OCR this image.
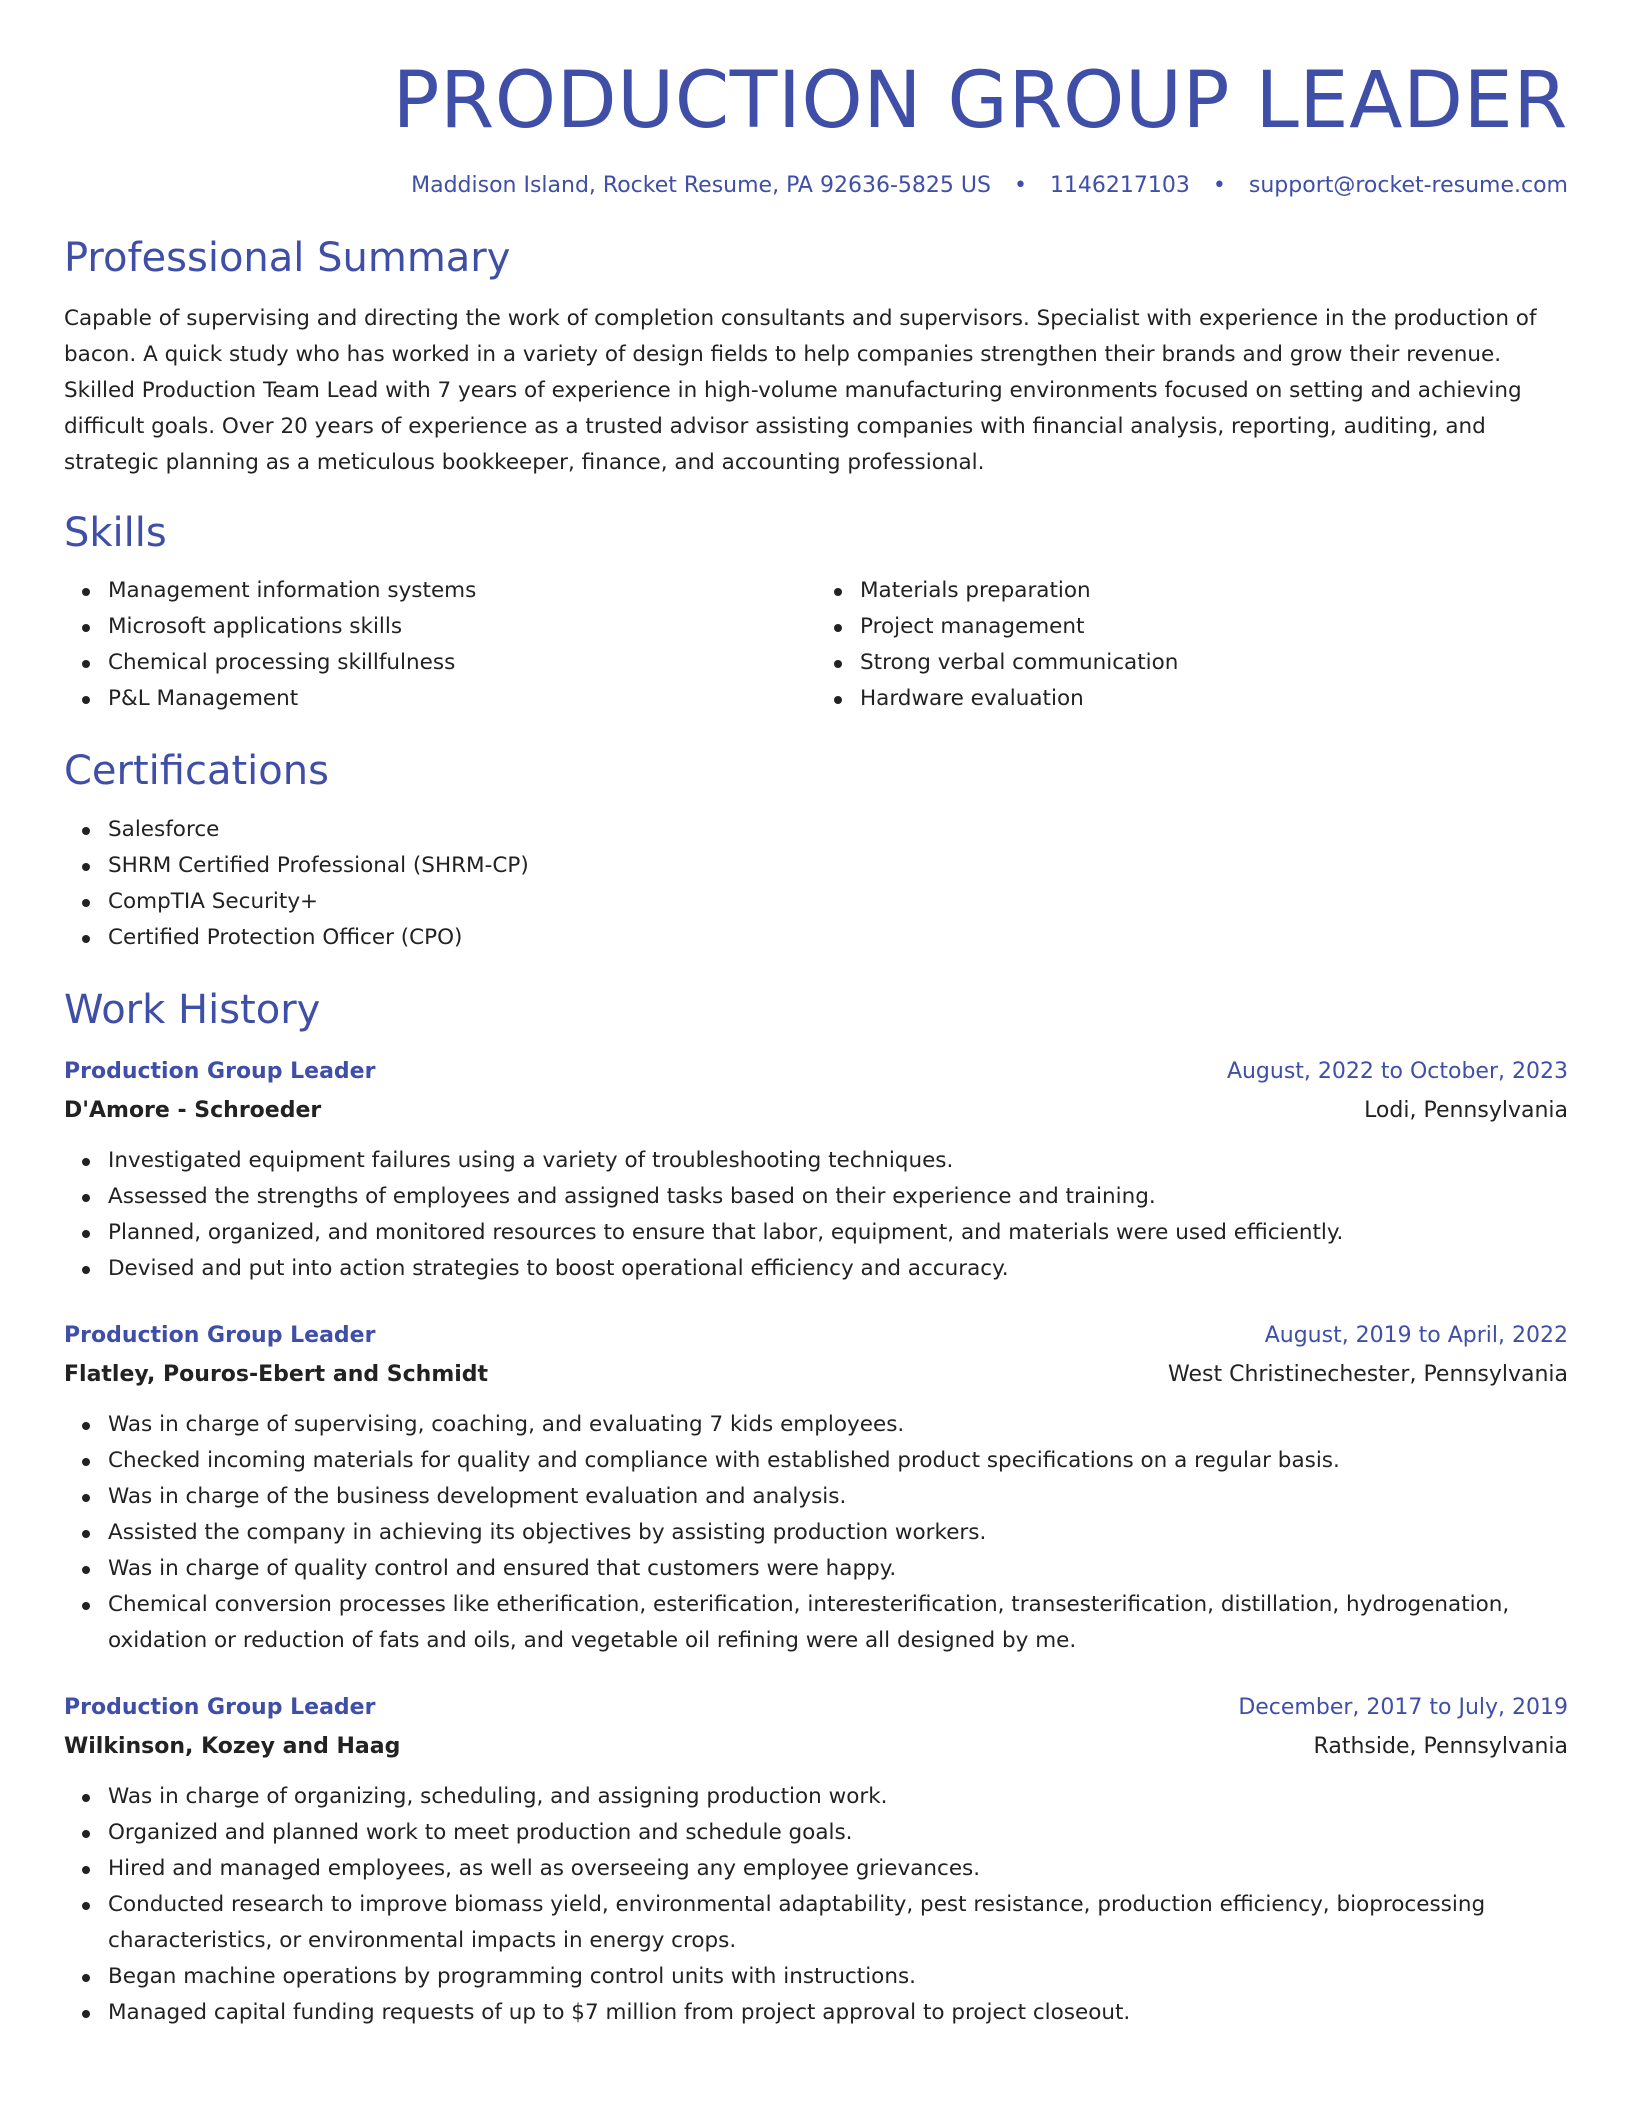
PRODUCTION GROUP LEADER
Maddison Island, Rocket Resume, PA 92636-5825 US • 1146217103 • support@rocket-resume.com
Professional Summary
Capable of supervising and directing the work of completion consultants and supervisors. Specialist with experience in the production of bacon. A quick study who has worked in a variety of design fields to help companies strengthen their brands and grow their revenue. Skilled Production Team Lead with 7 years of experience in high-volume manufacturing environments focused on setting and achieving difficult goals. Over 20 years of experience as a trusted advisor assisting companies with financial analysis, reporting, auditing, and strategic planning as a meticulous bookkeeper, finance, and accounting professional.
Skills
Management information systems
Microsoft applications skills
Chemical processing skillfulness
P&L Management
Materials preparation
Project management
Strong verbal communication
Hardware evaluation
Certifications
Salesforce
SHRM Certified Professional (SHRM-CP)
CompTIA Security+
Certified Protection Officer (CPO)
Work History
Production Group Leader	August, 2022 to October, 2023
D'Amore - Schroeder	Lodi, Pennsylvania
Investigated equipment failures using a variety of troubleshooting techniques.
Assessed the strengths of employees and assigned tasks based on their experience and training.
Planned, organized, and monitored resources to ensure that labor, equipment, and materials were used efficiently.
Devised and put into action strategies to boost operational efficiency and accuracy.
Production Group Leader	August, 2019 to April, 2022
Flatley, Pouros-Ebert and Schmidt	West Christinechester, Pennsylvania
Was in charge of supervising, coaching, and evaluating 7 kids employees.
Checked incoming materials for quality and compliance with established product specifications on a regular basis.
Was in charge of the business development evaluation and analysis.
Assisted the company in achieving its objectives by assisting production workers.
Was in charge of quality control and ensured that customers were happy.
Chemical conversion processes like etherification, esterification, interesterification, transesterification, distillation, hydrogenation, oxidation or reduction of fats and oils, and vegetable oil refining were all designed by me.
Production Group Leader	December, 2017 to July, 2019
Wilkinson, Kozey and Haag	Rathside, Pennsylvania
Was in charge of organizing, scheduling, and assigning production work.
Organized and planned work to meet production and schedule goals.
Hired and managed employees, as well as overseeing any employee grievances.
Conducted research to improve biomass yield, environmental adaptability, pest resistance, production efficiency, bioprocessing characteristics, or environmental impacts in energy crops.
Began machine operations by programming control units with instructions.
Managed capital funding requests of up to $7 million from project approval to project closeout.
